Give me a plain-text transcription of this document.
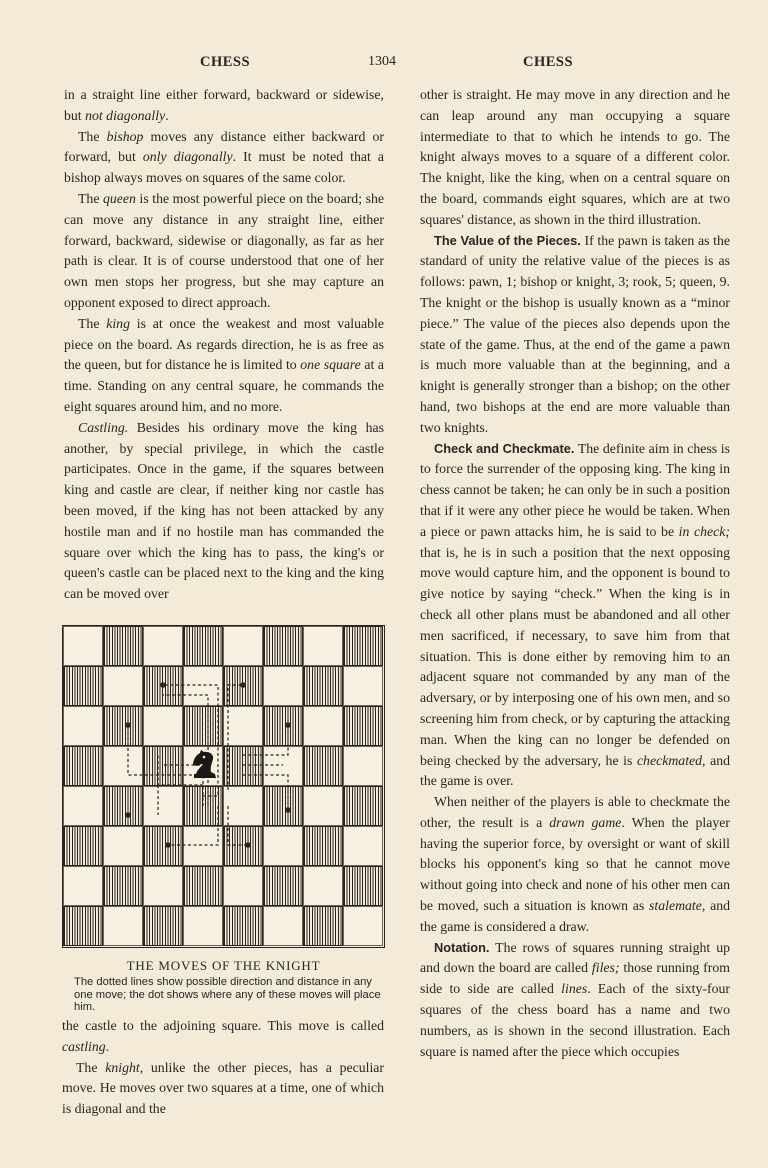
CHESS	1304	CHESS

in a straight line either forward, backward or sidewise, but not diagonally.

The bishop moves any distance either backward or forward, but only diagonally. It must be noted that a bishop always moves on squares of the same color.

The queen is the most powerful piece on the board; she can move any distance in any straight line, either forward, backward, sidewise or diagonally, as far as her path is clear. It is of course understood that one of her own men stops her progress, but she may capture an opponent exposed to direct approach.

The king is at once the weakest and most valuable piece on the board. As regards direction, he is as free as the queen, but for distance he is limited to one square at a time. Standing on any central square, he commands the eight squares around him, and no more.

Castling. Besides his ordinary move the king has another, by special privilege, in which the castle participates. Once in the game, if the squares between king and castle are clear, if neither king nor castle has been moved, if the king has not been attacked by any hostile man and if no hostile man has commanded the square over which the king has to pass, the king's or queen's castle can be placed next to the king and the king can be moved over

THE MOVES OF THE KNIGHT
The dotted lines show possible direction and distance in any one move; the dot shows where any of these moves will place him.

the castle to the adjoining square. This move is called castling.

The knight, unlike the other pieces, has a peculiar move. He moves over two squares at a time, one of which is diagonal and the

other is straight. He may move in any direction and he can leap around any man occupying a square intermediate to that to which he intends to go. The knight always moves to a square of a different color. The knight, like the king, when on a central square on the board, commands eight squares, which are at two squares' distance, as shown in the third illustration.

The Value of the Pieces. If the pawn is taken as the standard of unity the relative value of the pieces is as follows: pawn, 1; bishop or knight, 3; rook, 5; queen, 9. The knight or the bishop is usually known as a “minor piece.” The value of the pieces also depends upon the state of the game. Thus, at the end of the game a pawn is much more valuable than at the beginning, and a knight is generally stronger than a bishop; on the other hand, two bishops at the end are more valuable than two knights.

Check and Checkmate. The definite aim in chess is to force the surrender of the opposing king. The king in chess cannot be taken; he can only be in such a position that if it were any other piece he would be taken. When a piece or pawn attacks him, he is said to be in check; that is, he is in such a position that the next opposing move would capture him, and the opponent is bound to give notice by saying “check.” When the king is in check all other plans must be abandoned and all other men sacrificed, if necessary, to save him from that situation. This is done either by removing him to an adjacent square not commanded by any man of the adversary, or by interposing one of his own men, and so screening him from check, or by capturing the attacking man. When the king can no longer be defended on being checked by the adversary, he is checkmated, and the game is over.

When neither of the players is able to checkmate the other, the result is a drawn game. When the player having the superior force, by oversight or want of skill blocks his opponent's king so that he cannot move without going into check and none of his other men can be moved, such a situation is known as stalemate, and the game is considered a draw.

Notation. The rows of squares running straight up and down the board are called files; those running from side to side are called lines. Each of the sixty-four squares of the chess board has a name and two numbers, as is shown in the second illustration. Each square is named after the piece which occupies
